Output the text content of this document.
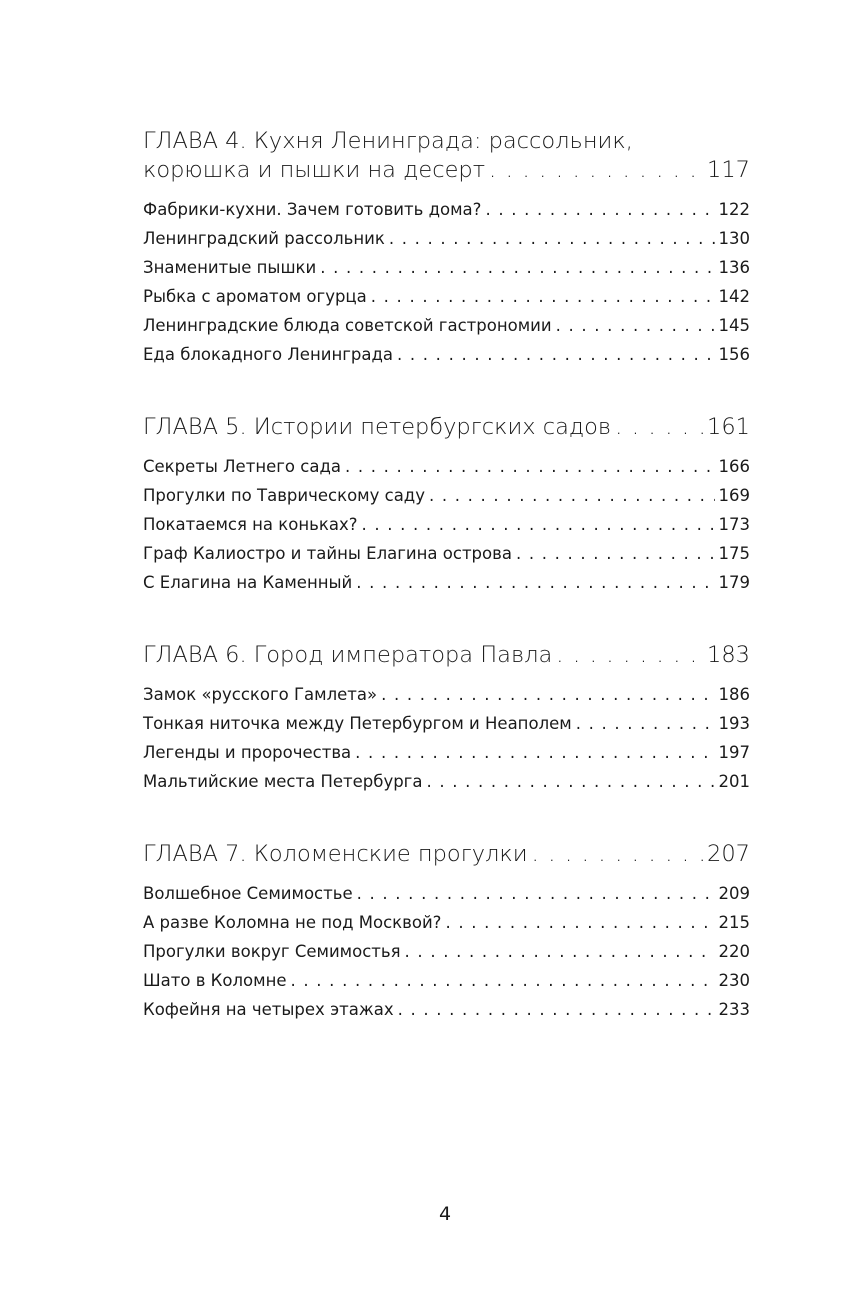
ГЛАВА 4. Кухня Ленинграда: рассольник,
корюшка и пышки на десерт . . .	117
Фабрики-кухни. Зачем готовить дома? . . .	122
Ленинградский рассольник . . .	130
Знаменитые пышки . . .	136
Рыбка с ароматом огурца . . .	142
Ленинградские блюда советской гастрономии . . .	145
Еда блокадного Ленинграда . . .	156
ГЛАВА 5. Истории петербургских садов . . .	161
Секреты Летнего сада . . .	166
Прогулки по Таврическому саду . . .	169
Покатаемся на коньках? . . .	173
Граф Калиостро и тайны Елагина острова . . .	175
С Елагина на Каменный . . .	179
ГЛАВА 6. Город императора Павла . . .	183
Замок «русского Гамлета» . . .	186
Тонкая ниточка между Петербургом и Неаполем . . .	193
Легенды и пророчества . . .	197
Мальтийские места Петербурга . . .	201
ГЛАВА 7. Коломенские прогулки . . .	207
Волшебное Семимостье . . .	209
А разве Коломна не под Москвой? . . .	215
Прогулки вокруг Семимостья . . .	220
Шато в Коломне . . .	230
Кофейня на четырех этажах . . .	233
4
